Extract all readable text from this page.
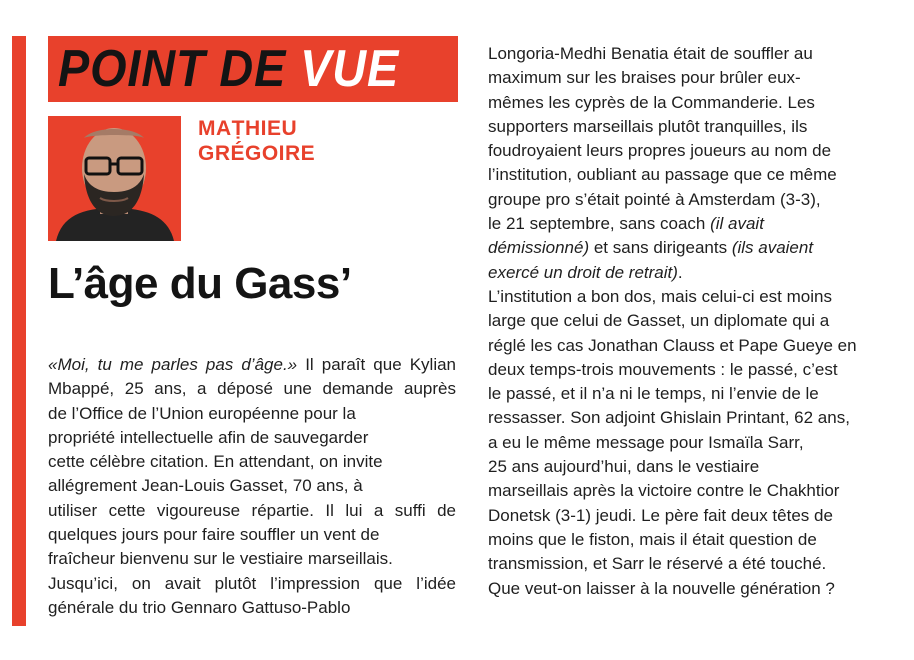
POINT DE VUE
MAṬHIEU
GRÉGOIRE
L’âge du Gass’
«Moi, tu me parles pas d’âge.» Il paraît que Kylian
Mbappé, 25 ans, a déposé une demande auprès
de l’Office de l’Union européenne pour la
propriété intellectuelle afin de sauvegarder
cette célèbre citation. En attendant, on invite
allégrement Jean-Louis Gasset, 70 ans, à
utiliser cette vigoureuse répartie. Il lui a suffi de
quelques jours pour faire souffler un vent de
fraîcheur bienvenu sur le vestiaire marseillais.
Jusqu’ici, on avait plutôt l’impression que l’idée
générale du trio Gennaro Gattuso-Pablo
Longoria-Medhi Benatia était de souffler au
maximum sur les braises pour brûler eux-
mêmes les cyprès de la Commanderie. Les
supporters marseillais plutôt tranquilles, ils
foudroyaient leurs propres joueurs au nom de
l’institution, oubliant au passage que ce même
groupe pro s’était pointé à Amsterdam (3-3),
le 21 septembre, sans coach (il avait
démissionné) et sans dirigeants (ils avaient
exercé un droit de retrait).
L’institution a bon dos, mais celui-ci est moins
large que celui de Gasset, un diplomate qui a
réglé les cas Jonathan Clauss et Pape Gueye en
deux temps-trois mouvements : le passé, c’est
le passé, et il n’a ni le temps, ni l’envie de le
ressasser. Son adjoint Ghislain Printant, 62 ans,
a eu le même message pour Ismaïla Sarr,
25 ans aujourd’hui, dans le vestiaire
marseillais après la victoire contre le Chakhtior
Donetsk (3-1) jeudi. Le père fait deux têtes de
moins que le fiston, mais il était question de
transmission, et Sarr le réservé a été touché.
Que veut-on laisser à la nouvelle génération ?
